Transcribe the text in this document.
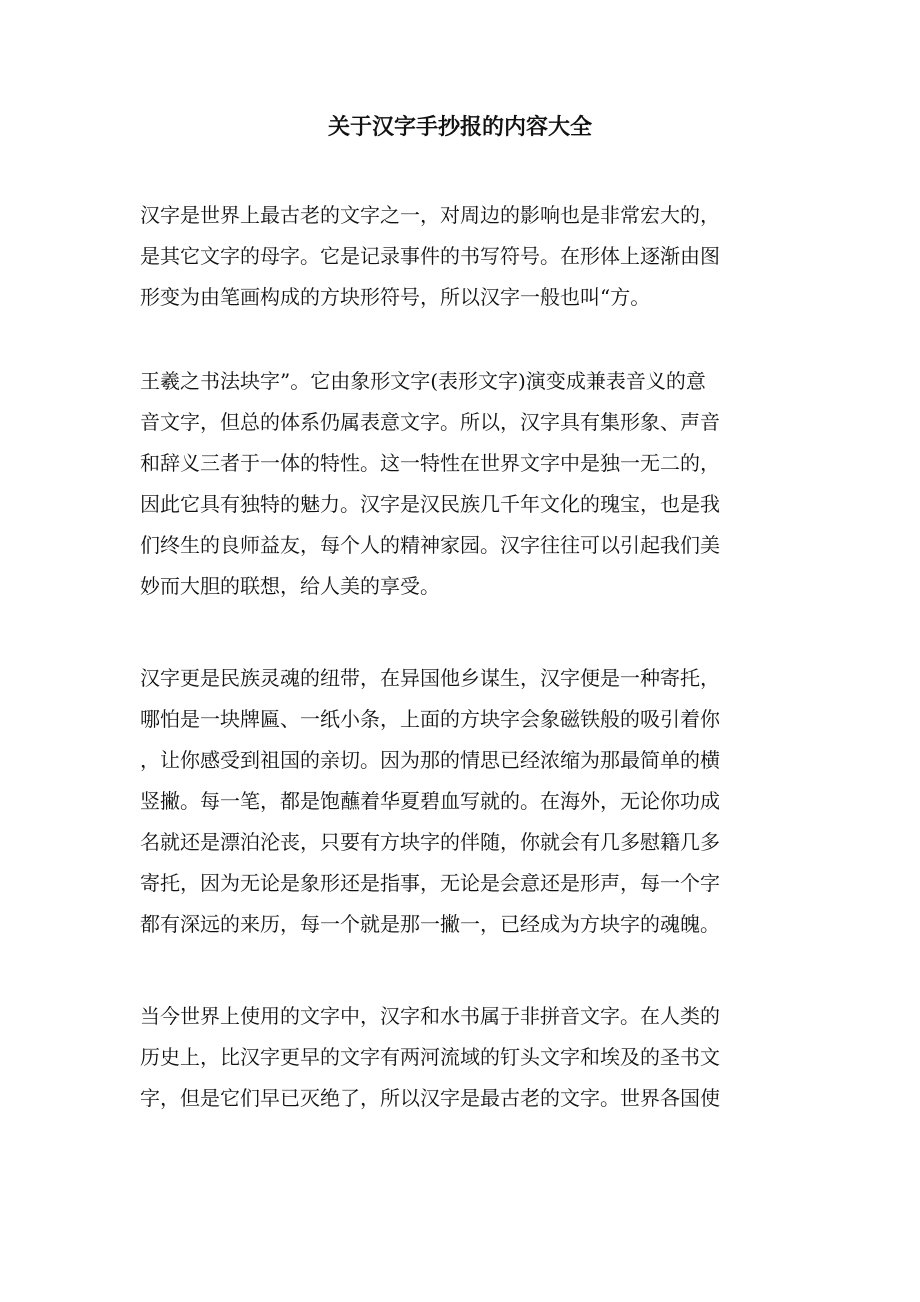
关于汉字手抄报的内容大全
汉字是世界上最古老的文字之一，对周边的影响也是非常宏大的，
是其它文字的母字。它是记录事件的书写符号。在形体上逐渐由图
形变为由笔画构成的方块形符号，所以汉字一般也叫“方。
王羲之书法块字”。它由象形文字(表形文字)演变成兼表音义的意
音文字，但总的体系仍属表意文字。所以，汉字具有集形象、声音
和辞义三者于一体的特性。这一特性在世界文字中是独一无二的，
因此它具有独特的魅力。汉字是汉民族几千年文化的瑰宝，也是我
们终生的良师益友，每个人的精神家园。汉字往往可以引起我们美
妙而大胆的联想，给人美的享受。
汉字更是民族灵魂的纽带，在异国他乡谋生，汉字便是一种寄托，
哪怕是一块牌匾、一纸小条，上面的方块字会象磁铁般的吸引着你
，让你感受到祖国的亲切。因为那的情思已经浓缩为那最简单的横
竖撇。每一笔，都是饱蘸着华夏碧血写就的。在海外，无论你功成
名就还是漂泊沦丧，只要有方块字的伴随，你就会有几多慰籍几多
寄托，因为无论是象形还是指事，无论是会意还是形声，每一个字
都有深远的来历，每一个就是那一撇一，已经成为方块字的魂魄。
当今世界上使用的文字中，汉字和水书属于非拼音文字。在人类的
历史上，比汉字更早的文字有两河流域的钉头文字和埃及的圣书文
字，但是它们早已灭绝了，所以汉字是最古老的文字。世界各国使
